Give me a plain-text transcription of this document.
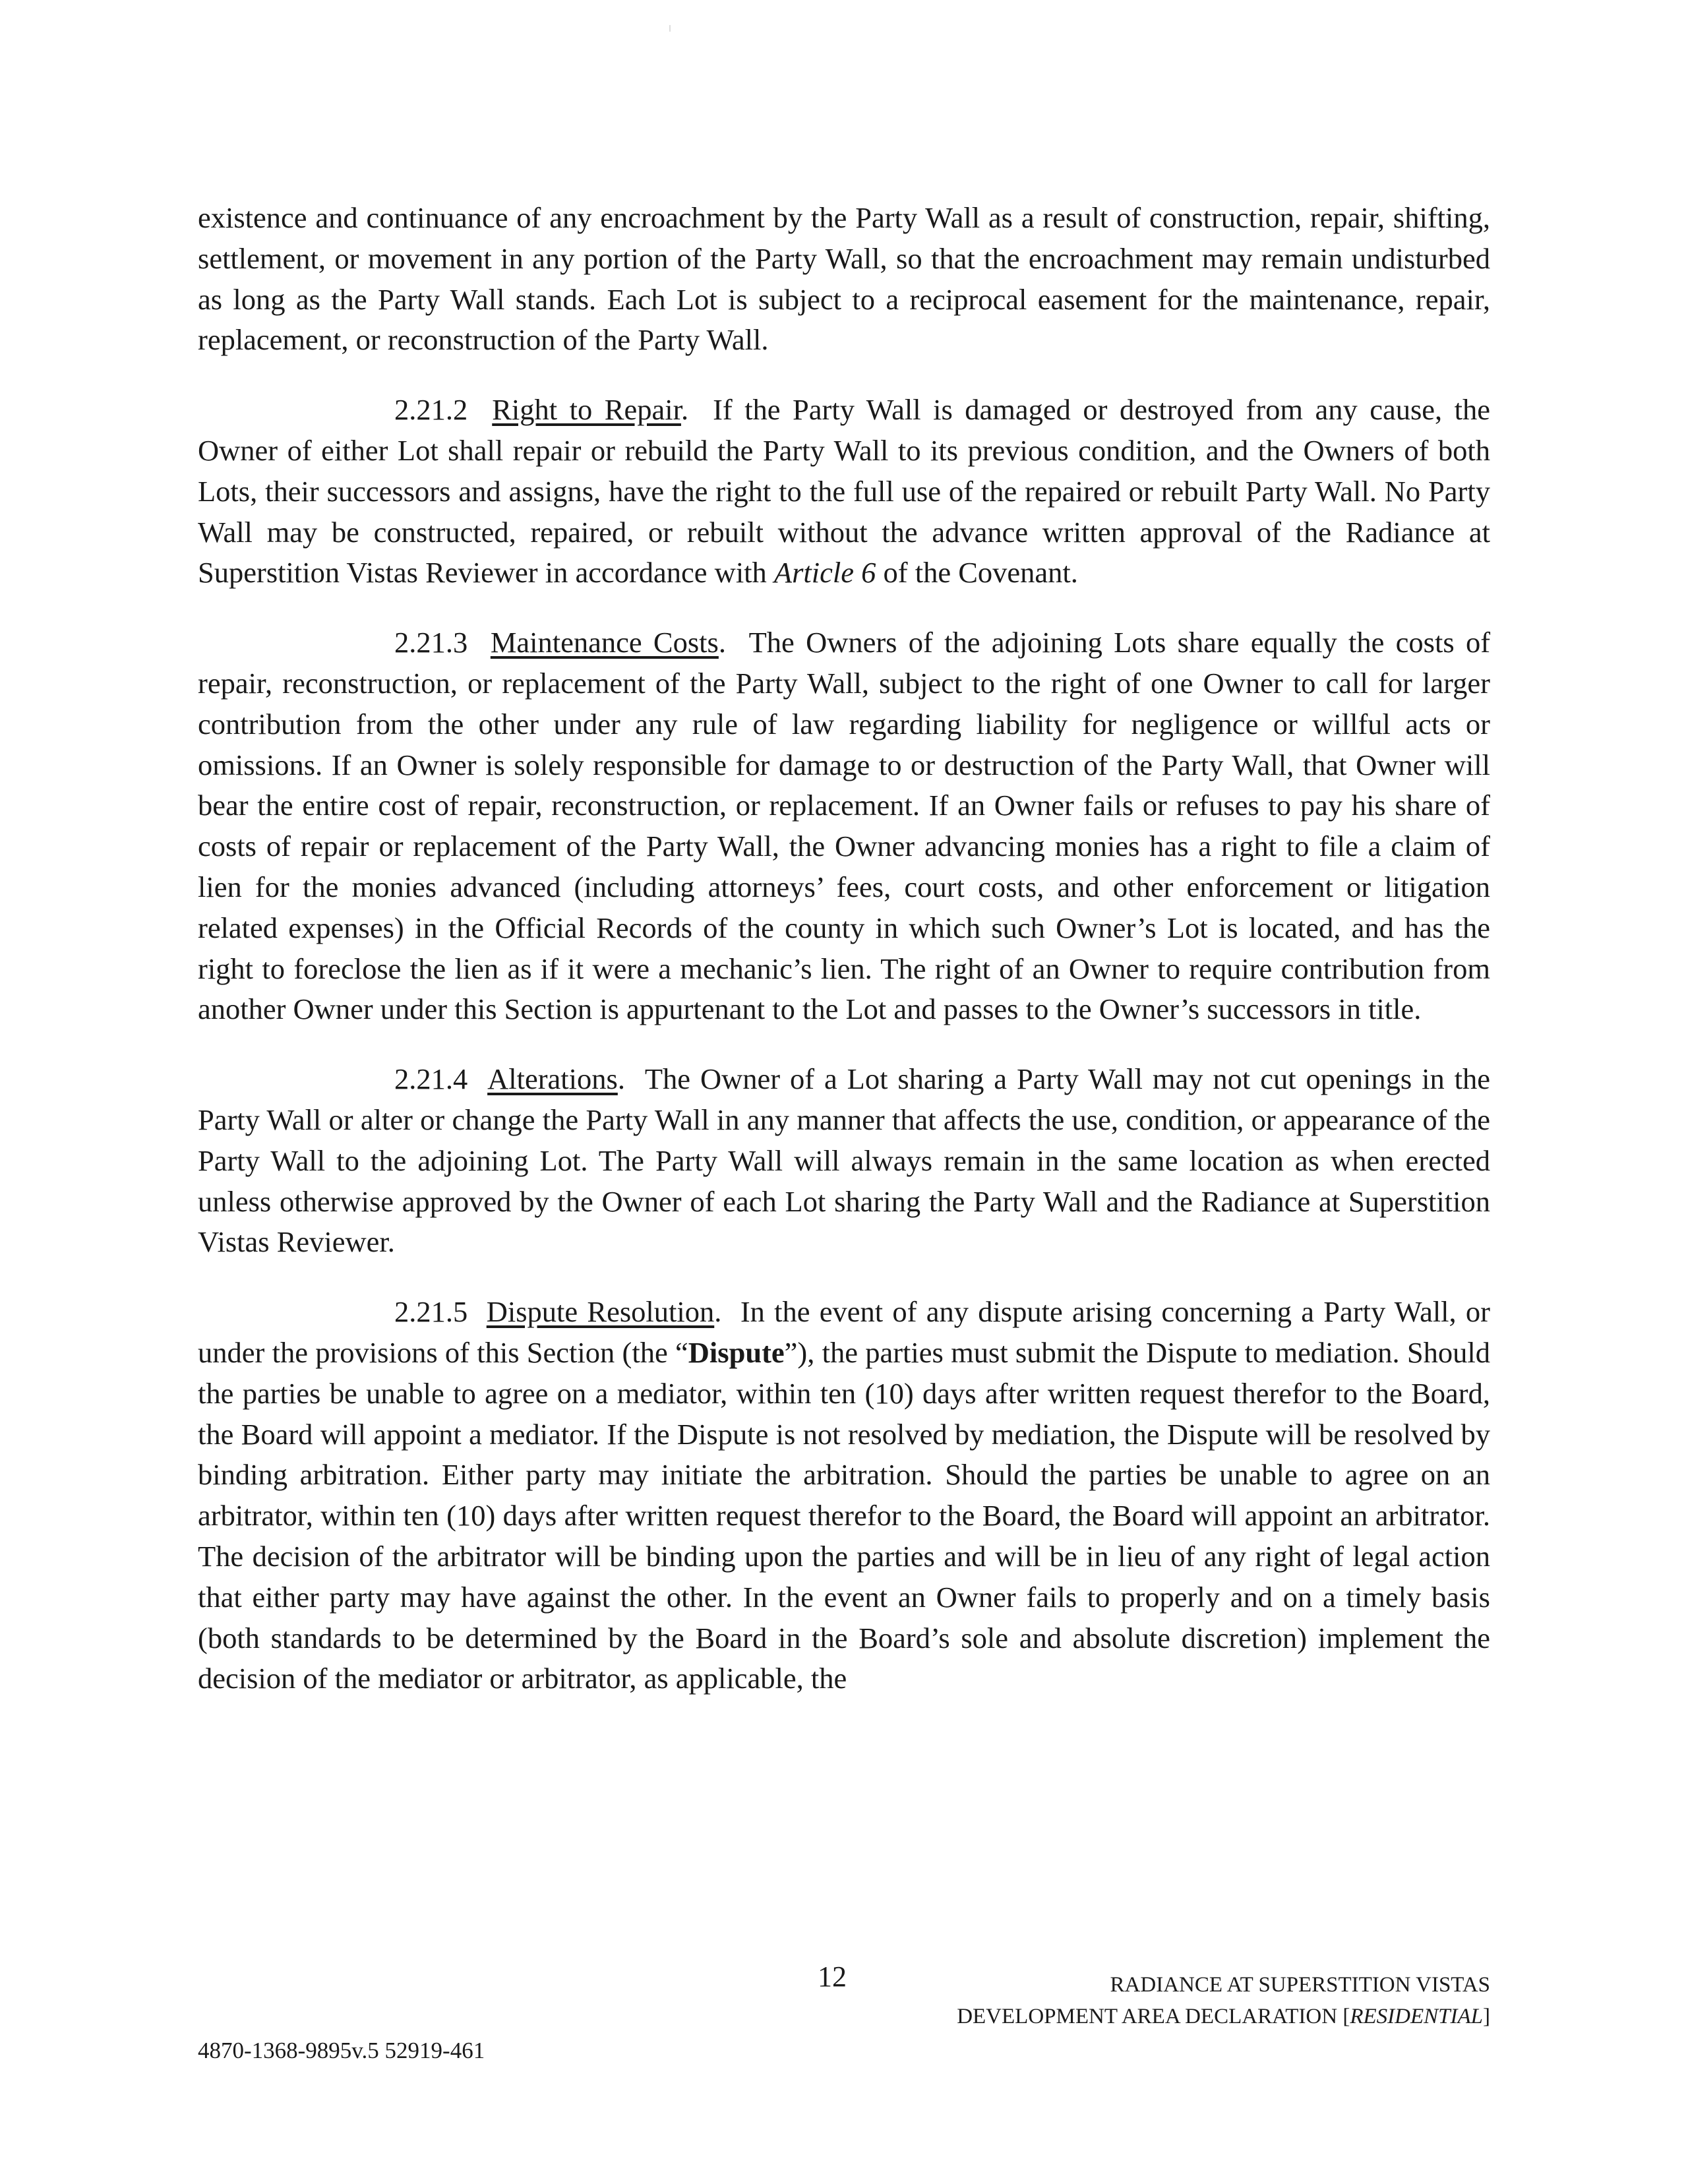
existence and continuance of any encroachment by the Party Wall as a result of construction, repair, shifting, settlement, or movement in any portion of the Party Wall, so that the encroachment may remain undisturbed as long as the Party Wall stands. Each Lot is subject to a reciprocal easement for the maintenance, repair, replacement, or reconstruction of the Party Wall.

2.21.2 Right to Repair.  If the Party Wall is damaged or destroyed from any cause, the Owner of either Lot shall repair or rebuild the Party Wall to its previous condition, and the Owners of both Lots, their successors and assigns, have the right to the full use of the repaired or rebuilt Party Wall. No Party Wall may be constructed, repaired, or rebuilt without the advance written approval of the Radiance at Superstition Vistas Reviewer in accordance with Article 6 of the Covenant.

2.21.3 Maintenance Costs.  The Owners of the adjoining Lots share equally the costs of repair, reconstruction, or replacement of the Party Wall, subject to the right of one Owner to call for larger contribution from the other under any rule of law regarding liability for negligence or willful acts or omissions. If an Owner is solely responsible for damage to or destruction of the Party Wall, that Owner will bear the entire cost of repair, reconstruction, or replacement. If an Owner fails or refuses to pay his share of costs of repair or replacement of the Party Wall, the Owner advancing monies has a right to file a claim of lien for the monies advanced (including attorneys’ fees, court costs, and other enforcement or litigation related expenses) in the Official Records of the county in which such Owner’s Lot is located, and has the right to foreclose the lien as if it were a mechanic’s lien. The right of an Owner to require contribution from another Owner under this Section is appurtenant to the Lot and passes to the Owner’s successors in title.

2.21.4 Alterations.  The Owner of a Lot sharing a Party Wall may not cut openings in the Party Wall or alter or change the Party Wall in any manner that affects the use, condition, or appearance of the Party Wall to the adjoining Lot. The Party Wall will always remain in the same location as when erected unless otherwise approved by the Owner of each Lot sharing the Party Wall and the Radiance at Superstition Vistas Reviewer.

2.21.5 Dispute Resolution.  In the event of any dispute arising concerning a Party Wall, or under the provisions of this Section (the “Dispute”), the parties must submit the Dispute to mediation. Should the parties be unable to agree on a mediator, within ten (10) days after written request therefor to the Board, the Board will appoint a mediator. If the Dispute is not resolved by mediation, the Dispute will be resolved by binding arbitration. Either party may initiate the arbitration. Should the parties be unable to agree on an arbitrator, within ten (10) days after written request therefor to the Board, the Board will appoint an arbitrator. The decision of the arbitrator will be binding upon the parties and will be in lieu of any right of legal action that either party may have against the other. In the event an Owner fails to properly and on a timely basis (both standards to be determined by the Board in the Board’s sole and absolute discretion) implement the decision of the mediator or arbitrator, as applicable, the

12	RADIANCE AT SUPERSTITION VISTAS
DEVELOPMENT AREA DECLARATION [RESIDENTIAL]
4870-1368-9895v.5 52919-461
